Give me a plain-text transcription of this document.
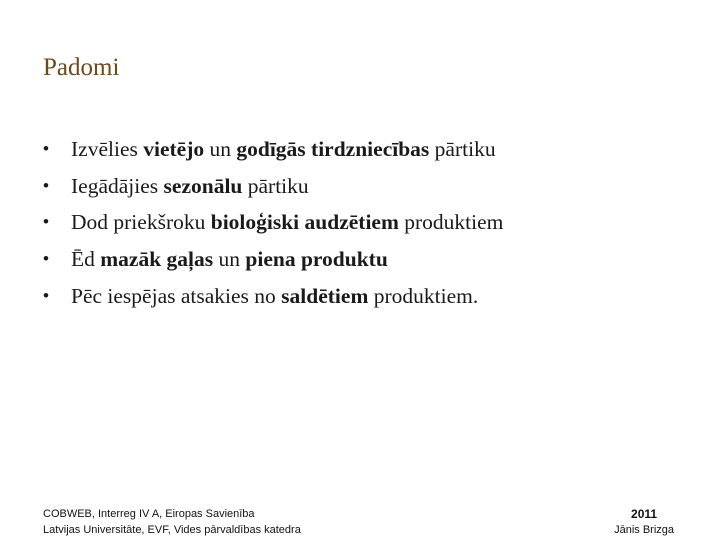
Padomi
• Izvēlies vietējo un godīgās tirdzniecības pārtiku
• Iegādājies sezonālu pārtiku
• Dod priekšroku bioloģiski audzētiem produktiem
• Ēd mazāk gaļas un piena produktu
• Pēc iespējas atsakies no saldētiem produktiem.
COBWEB, Interreg IV A, Eiropas Savienība
Latvijas Universitāte, EVF, Vides pārvaldības katedra
2011
Jānis Brizga
